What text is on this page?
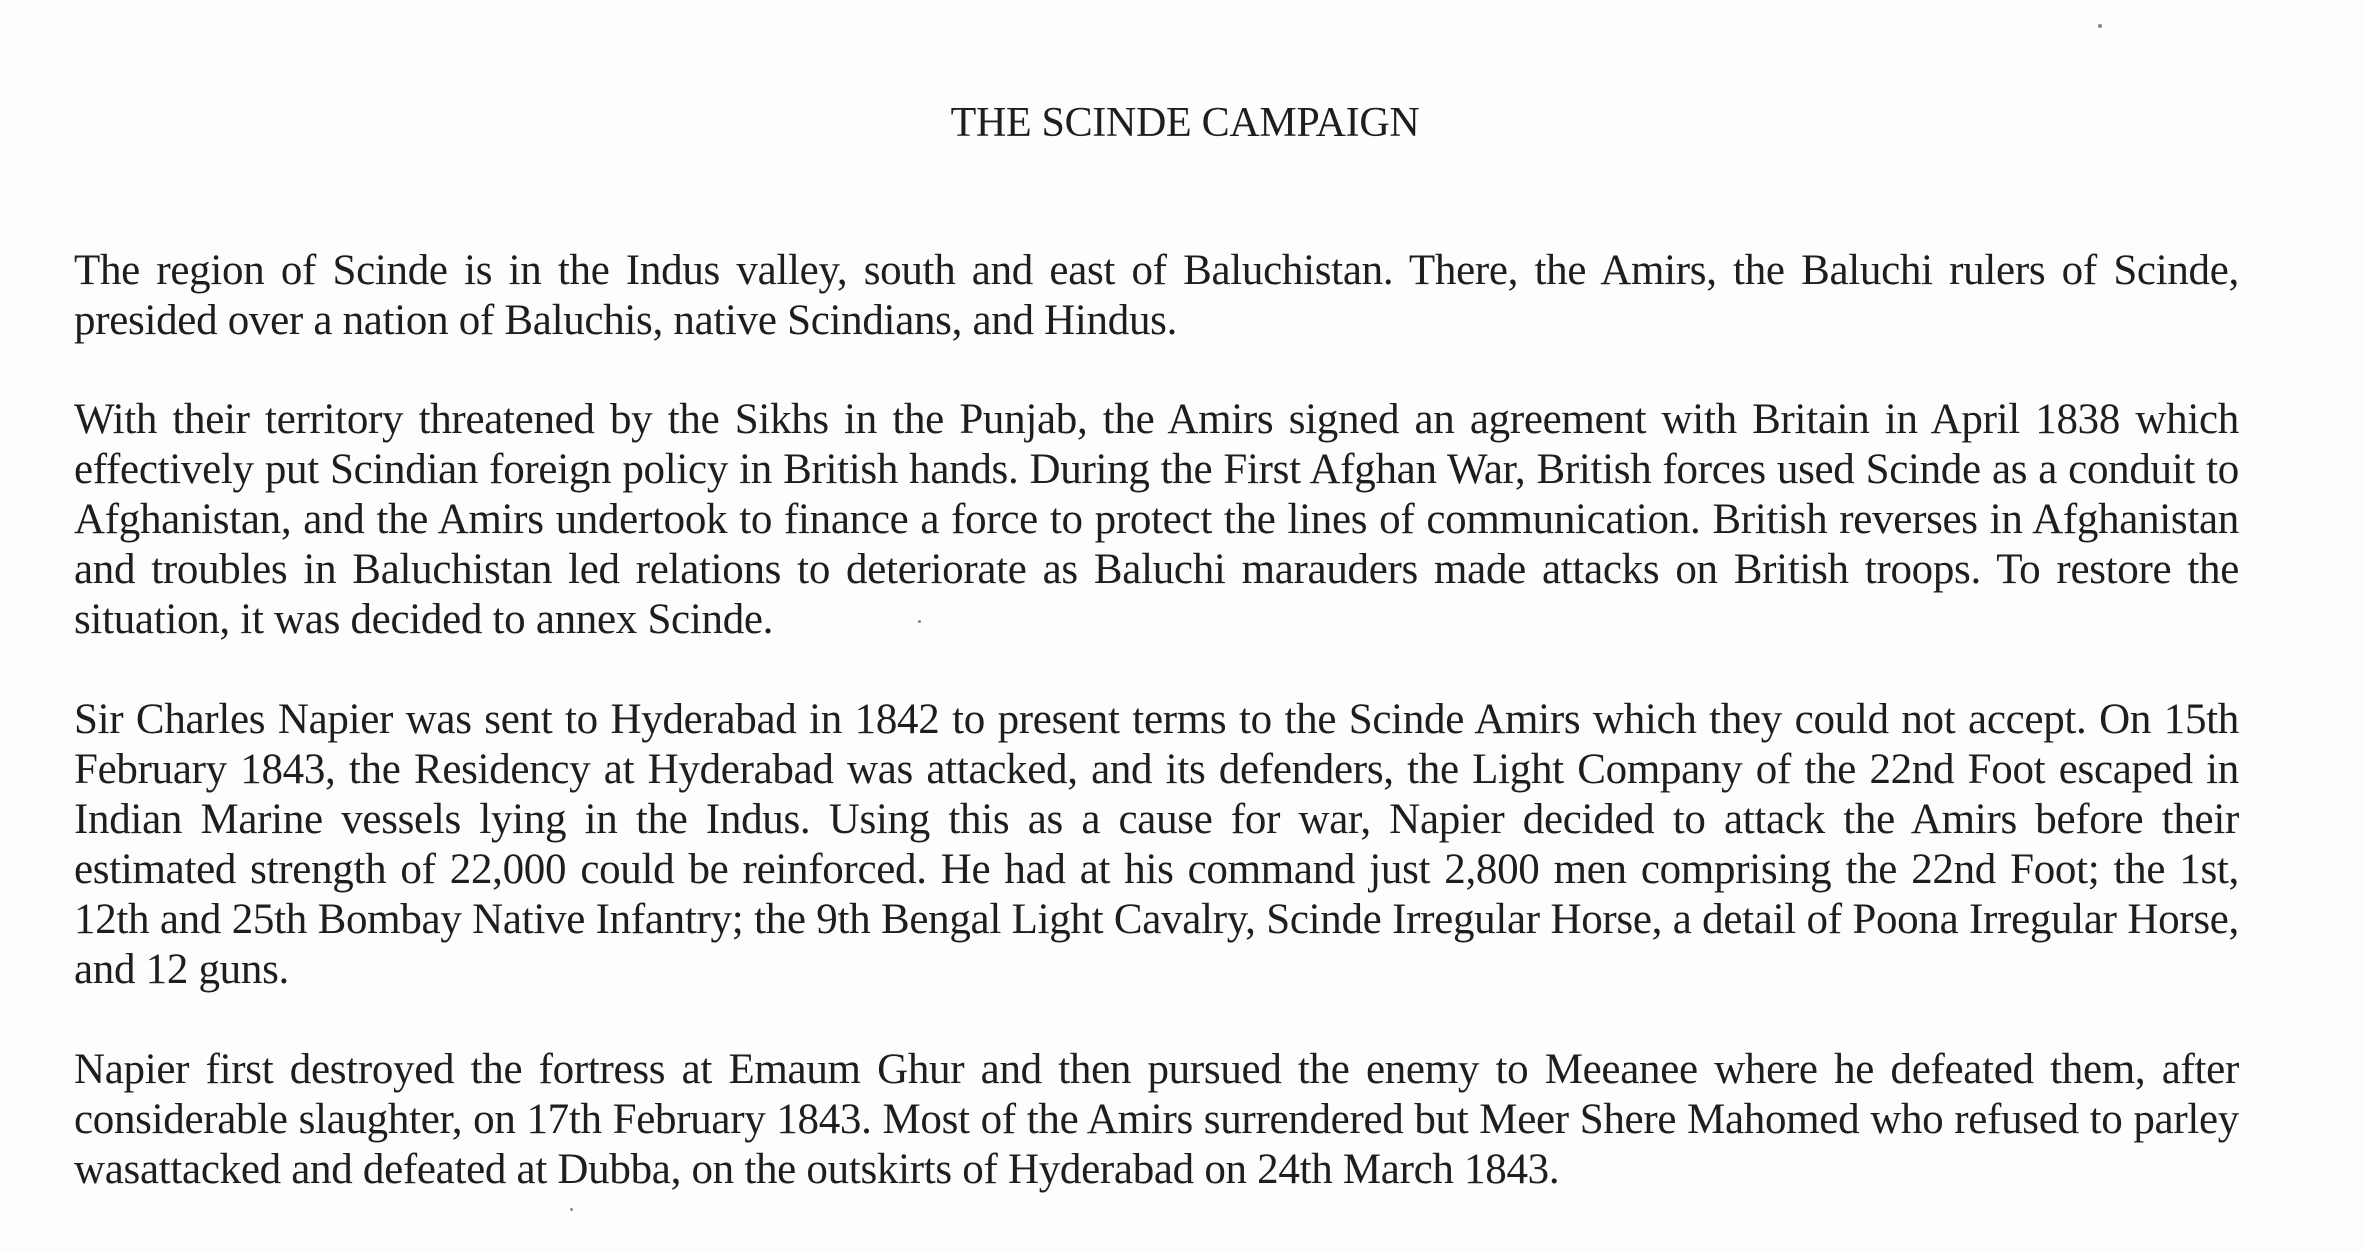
THE SCINDE CAMPAIGN

The region of Scinde is in the Indus valley, south and east of Baluchistan. There, the Amirs, the Baluchi rulers of Scinde, presided over a nation of Baluchis, native Scindians, and Hindus.

With their territory threatened by the Sikhs in the Punjab, the Amirs signed an agreement with Britain in April 1838 which effectively put Scindian foreign policy in British hands. During the First Afghan War, British forces used Scinde as a conduit to Afghanistan, and the Amirs undertook to finance a force to protect the lines of communication. British reverses in Afghanistan and troubles in Baluchistan led relations to deteriorate as Baluchi marauders made attacks on British troops. To restore the situation, it was decided to annex Scinde.

Sir Charles Napier was sent to Hyderabad in 1842 to present terms to the Scinde Amirs which they could not accept. On 15th February 1843, the Residency at Hyderabad was attacked, and its defenders, the Light Company of the 22nd Foot escaped in Indian Marine vessels lying in the Indus. Using this as a cause for war, Napier decided to attack the Amirs before their estimated strength of 22,000 could be reinforced. He had at his command just 2,800 men comprising the 22nd Foot; the 1st, 12th and 25th Bombay Native Infantry; the 9th Bengal Light Cavalry, Scinde Irregular Horse, a detail of Poona Irregular Horse, and 12 guns.

Napier first destroyed the fortress at Emaum Ghur and then pursued the enemy to Meeanee where he defeated them, after considerable slaughter, on 17th February 1843. Most of the Amirs surrendered but Meer Shere Mahomed who refused to parley wasattacked and defeated at Dubba, on the outskirts of Hyderabad on 24th March 1843.
